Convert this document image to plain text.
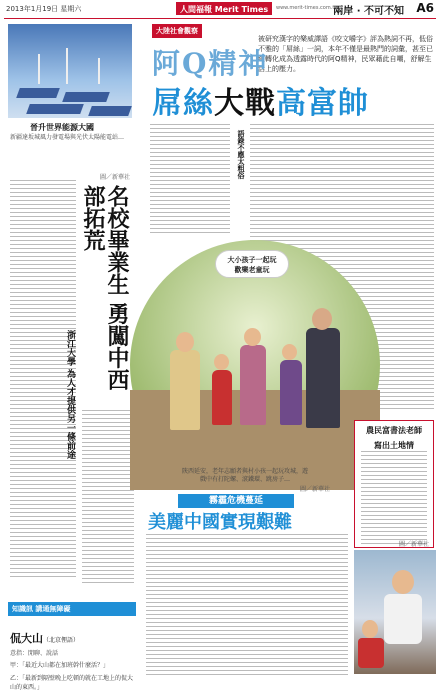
2013年1月19日 星期六	人間福報 Merit Times	www.merit-times.com.tw
兩岸 · 不可不知 A6
晉升世界能源大國
新疆達坂城風力發電場與光伏太陽能電站…
圖／新華社
名校畢業生 勇闖中西部拓荒
浙江大學 為人才提供另一條前途
大陸社會觀察
被研究漢字的樂威譯語《咬文嚼字》評為熱詞不再，低俗不雅的「屌絲」一詞，本年不僅是最熱門的詞彙，甚至已經轉化成為透露時代的阿Q精神，民眾藉此自嘲，舒解生活上的壓力。
阿Q精神
屌絲大戰高富帥
語錄不應太粗俗
大小孩子一起玩
歡樂老童玩
陝西延安，老年志願者與村小孩一起玩攻城，遊戲中有打陀螺、滾鐵環、跳房子…
圖／新華社
農民富書法老師
寫出土地情
圖／新華社
霧霾危機蔓延
美麗中國實現艱難
知識訊 講通無障礙
侃大山（北京俚語）
意指：閒聊、說話
甲：「最近大山都在加班幹什麼活？」
乙：「最新到隔壁晚上吃頓的就在工地上的侃大山的東西。」
